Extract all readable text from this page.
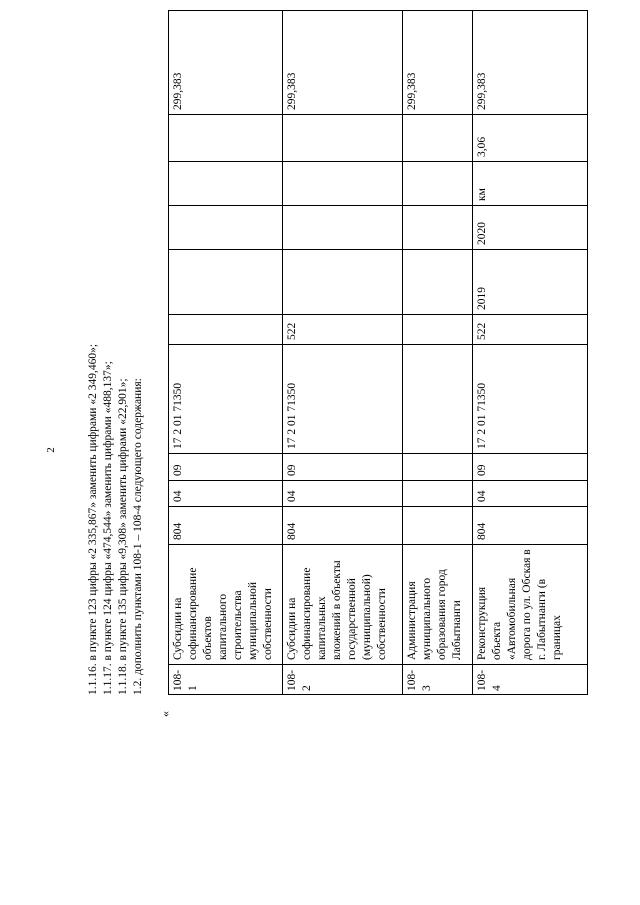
2	1.1.16. в пункте 123 цифры «2 335,867» заменить цифрами «2 349,460»; 1.1.17. в пункте 124 цифры «474,544» заменить цифрами «488,137»; 1.1.18. в пункте 135 цифры «9,308» заменить цифрами «22,901»; 1.2. дополнить пунктами 108-1 – 108-4 следующего содержания:
«
108-1	Субсидии на софинансирование объектов капитального строительства муниципальной собственности	804	04	09	17 2 01 71350						299,383
108-2	Субсидии на софинансирование капитальных вложений в объекты государственной (муниципальной) собственности	804	04	09	17 2 01 71350	522					299,383
108-3	Администрация муниципального образования город Лабытнанги										299,383
108-4	Реконструкция объекта «Автомобильная дорога по ул. Обская в г. Лабытнанги (в границах	804	04	09	17 2 01 71350	522	2019	2020	км	3,06	299,383
